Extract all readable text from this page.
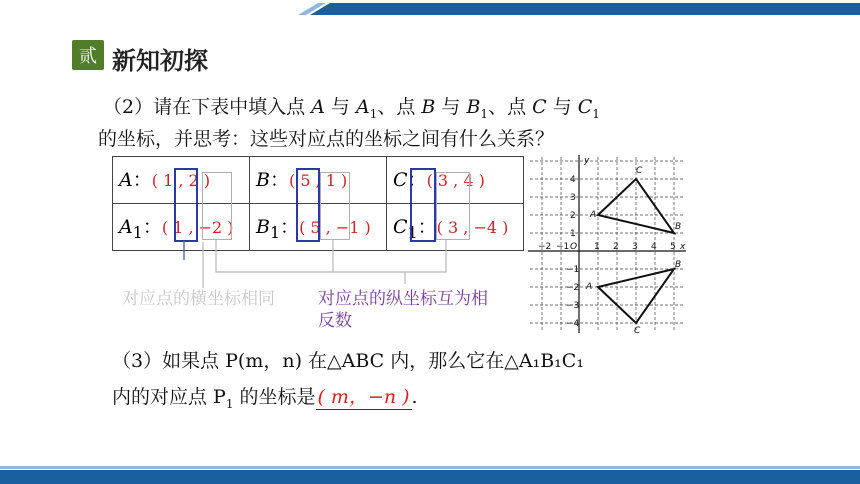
贰 新知初探
（2）请在下表中填入点 A 与 $A_1$、点 B 与 $B_1$、点 C 与 $C_1$
的坐标，并思考：这些对应点的坐标之间有什么关系？
A：( 1 , 2 )	B：( 5 , 1 )	C：( 3 , 4 )
$A_1$：( 1 , −2 )	$B_1$：( 5 , −1 )	$C_1$：( 3 , −4 )
对应点的横坐标相同	对应点的纵坐标互为相反数
−2 −1 O 1 2 3 4 5 x
y
4
3
2
1
−1
−2
−3
−4
A
B
C
A
B
C
（3）如果点 P(m，n) 在△ABC 内，那么它在△A₁B₁C₁
内的对应点 $P_1$ 的坐标是 ( m，−n ) .
